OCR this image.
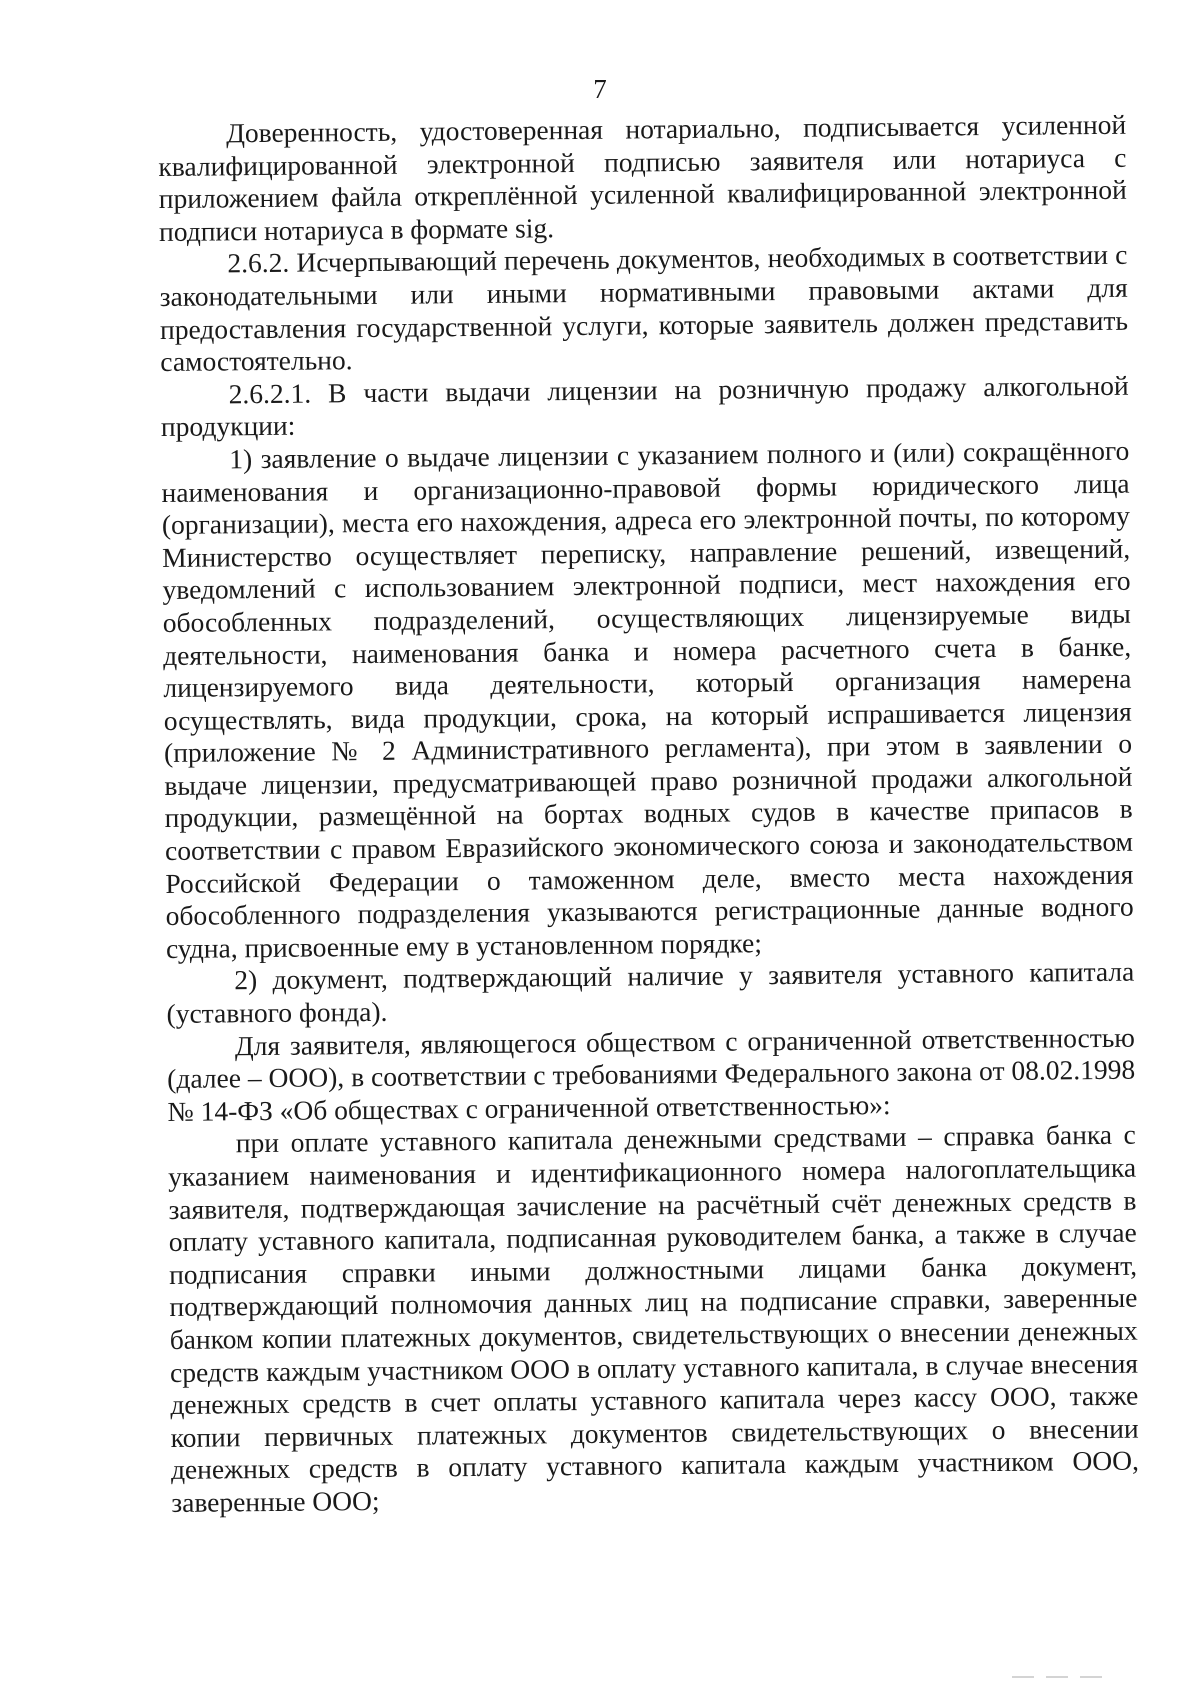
7

Доверенность, удостоверенная нотариально, подписывается усиленной квалифицированной электронной подписью заявителя или нотариуса с приложением файла откреплённой усиленной квалифицированной электронной подписи нотариуса в формате sig.

2.6.2. Исчерпывающий перечень документов, необходимых в соответствии с законодательными или иными нормативными правовыми актами для предоставления государственной услуги, которые заявитель должен представить самостоятельно.

2.6.2.1. В части выдачи лицензии на розничную продажу алкогольной продукции:

1) заявление о выдаче лицензии с указанием полного и (или) сокращённого наименования и организационно-правовой формы юридического лица (организации), места его нахождения, адреса его электронной почты, по которому Министерство осуществляет переписку, направление решений, извещений, уведомлений с использованием электронной подписи, мест нахождения его обособленных подразделений, осуществляющих лицензируемые виды деятельности, наименования банка и номера расчетного счета в банке, лицензируемого вида деятельности, который организация намерена осуществлять, вида продукции, срока, на который испрашивается лицензия (приложение № 2 Административного регламента), при этом в заявлении о выдаче лицензии, предусматривающей право розничной продажи алкогольной продукции, размещённой на бортах водных судов в качестве припасов в соответствии с правом Евразийского экономического союза и законодательством Российской Федерации о таможенном деле, вместо места нахождения обособленного подразделения указываются регистрационные данные водного судна, присвоенные ему в установленном порядке;

2) документ, подтверждающий наличие у заявителя уставного капитала (уставного фонда).

Для заявителя, являющегося обществом с ограниченной ответственностью (далее – ООО), в соответствии с требованиями Федерального закона от 08.02.1998 № 14-ФЗ «Об обществах с ограниченной ответственностью»:

при оплате уставного капитала денежными средствами – справка банка с указанием наименования и идентификационного номера налогоплательщика заявителя, подтверждающая зачисление на расчётный счёт денежных средств в оплату уставного капитала, подписанная руководителем банка, а также в случае подписания справки иными должностными лицами банка документ, подтверждающий полномочия данных лиц на подписание справки, заверенные банком копии платежных документов, свидетельствующих о внесении денежных средств каждым участником ООО в оплату уставного капитала, в случае внесения денежных средств в счет оплаты уставного капитала через кассу ООО, также копии первичных платежных документов свидетельствующих о внесении денежных средств в оплату уставного капитала каждым участником ООО, заверенные ООО;
